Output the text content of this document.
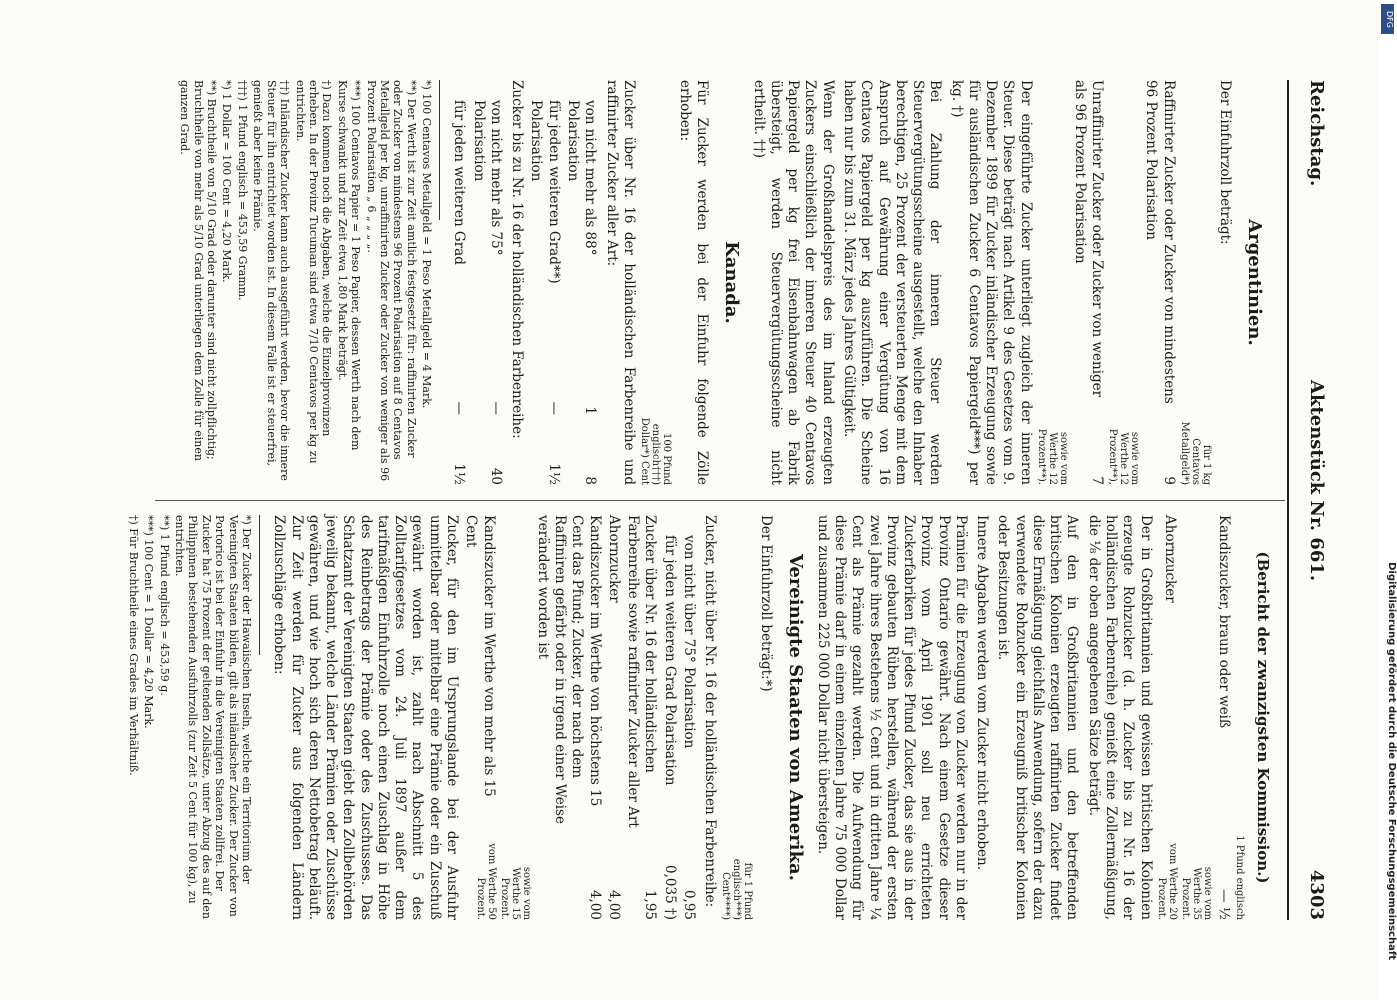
Reichstag.
Aktenstück Nr. 661.
4303
Argentinien.

Der Einfuhrzoll beträgt:

für 1 kg Centavos Metallgeld*)
Raffinirter Zucker oder Zucker von mindestens 96 Prozent Polarisation
9
sowie vom Werthe 12 Prozent**),
Unraffinirter Zucker oder Zucker von weniger als 96 Prozent Polarisation
7
sowie vom Werthe 12 Prozent**).

Der eingeführte Zucker unterliegt zugleich der inneren Steuer. Diese beträgt nach Artikel 9 des Gesetzes vom 9. Dezember 1899 für Zucker inländischer Erzeugung sowie für ausländischen Zucker 6 Centavos Papiergeld***) per kg. †)

Bei Zahlung der inneren Steuer werden Steuervergütungsscheine ausgestellt, welche den Inhaber berechtigen, 25 Prozent der versteuerten Menge mit dem Anspruch auf Gewährung einer Vergütung von 16 Centavos Papiergeld per kg auszuführen. Die Scheine haben nur bis zum 31. März jedes Jahres Gültigkeit.

Wenn der Großhandelspreis des im Inland erzeugten Zuckers einschließlich der inneren Steuer 40 Centavos Papiergeld per kg frei Eisenbahnwagen ab Fabrik übersteigt, werden Steuervergütungsscheine nicht ertheilt. ††)

Kanada.

Für Zucker werden bei der Einfuhr folgende Zölle erhoben:

100 Pfund englisch†††) Dollar*) Cent

Zucker über Nr. 16 der holländischen Farbenreihe und raffinirter Zucker aller Art:

von nicht mehr als 88° Polarisation
1
8
für jeden weiteren Grad**) Polarisation
—
1½

Zucker bis zu Nr. 16 der holländischen Farbenreihe:

von nicht mehr als 75° Polarisation
—
40
für jeden weiteren Grad
—
1½
*) 100 Centavos Metallgeld = 1 Peso Metallgeld = 4 Mark.
**) Der Werth ist zur Zeit amtlich festgesetzt für: raffinirten Zucker oder Zucker von mindestens 96 Prozent Polarisation auf 8 Centavos Metallgeld per kg, unraffinirten Zucker oder Zucker von weniger als 96 Prozent Polarisation „ 6 „ „ „ „.
***) 100 Centavos Papier = 1 Peso Papier, dessen Werth nach dem Kurse schwankt und zur Zeit etwa 1,80 Mark beträgt.
†) Dazu kommen noch die Abgaben, welche die Einzelprovinzen erheben. In der Provinz Tucuman sind etwa 7/10 Centavos per kg zu entrichten.
††) Inländischer Zucker kann auch ausgeführt werden, bevor die innere Steuer für ihn entrichtet worden ist. In diesem Falle ist er steuerfrei, genießt aber keine Prämie.
†††) 1 Pfund englisch = 453,59 Gramm.
*) 1 Dollar = 100 Cent = 4,20 Mark.
**) Bruchtheile von 5/10 Grad oder darunter sind nicht zollpflichtig; Bruchtheile von mehr als 5/10 Grad unterliegen dem Zolle für einen ganzen Grad.
(Bericht der zwanzigsten Kommission.)
1 Pfund englisch
Kandiszucker, braun oder weiß
— ½
sowie vom Werthe 35 Prozent.
Ahornzucker
vom Werthe 20 Prozent.

Der in Großbritannien und gewissen britischen Kolonien erzeugte Rohzucker (d. h. Zucker bis zu Nr. 16 der holländischen Farbenreihe) genießt eine Zollermäßigung, die ⅛ der oben angegebenen Sätze beträgt.

Auf den in Großbritannien und den betreffenden britischen Kolonien erzeugten raffinirten Zucker findet diese Ermäßigung gleichfalls Anwendung, sofern der dazu verwendete Rohzucker ein Erzeugniß britischer Kolonien oder Besitzungen ist.

Innere Abgaben werden vom Zucker nicht erhoben.

Prämien für die Erzeugung von Zucker werden nur in der Provinz Ontario gewährt. Nach einem Gesetze dieser Provinz vom April 1901 soll neu errichteten Zuckerfabriken für jedes Pfund Zucker, das sie aus in der Provinz gebauten Rüben herstellen, während der ersten zwei Jahre ihres Bestehens ½ Cent und in dritten Jahre ¼ Cent als Prämie gezahlt werden. Die Aufwendung für diese Prämie darf in einem einzelnen Jahre 75 000 Dollar und zusammen 225 000 Dollar nicht übersteigen.

Vereinigte Staaten von Amerika.

Der Einfuhrzoll beträgt:*)

für 1 Pfund englisch***) Cent****)

Zucker, nicht über Nr. 16 der holländischen Farbenreihe:

von nicht über 75° Polarisation
0,95
für jeden weiteren Grad Polarisation
0,035 †)
Zucker über Nr. 16 der holländischen Farbenreihe sowie raffinirter Zucker aller Art
1,95
Ahornzucker
4,00
Kandiszucker im Werthe von höchstens 15 Cent das Pfund; Zucker, der nach dem Raffiniren gefärbt oder in irgend einer Weise verändert worden ist
4,00
sowie vom Werthe 15 Prozent.
Kandiszucker im Werthe von mehr als 15 Cent
vom Werthe 50 Prozent.

Zucker, für den im Ursprungslande bei der Ausfuhr unmittelbar oder mittelbar eine Prämie oder ein Zuschuß gewährt worden ist, zahlt nach Abschnitt 5 des Zolltarifgesetzes vom 24. Juli 1897 außer dem tarifmäßigen Einfuhrzolle noch einen Zuschlag in Höhe des Reinbetrags der Prämie oder des Zuschusses. Das Schatzamt der Vereinigten Staaten giebt den Zollbehörden jeweilig bekannt, welche Länder Prämien oder Zuschüsse gewähren, und wie hoch sich deren Nettobetrag beläuft. Zur Zeit werden für Zucker aus folgenden Ländern Zollzuschläge erhoben:

*) Der Zucker der Hawaiischen Inseln, welche ein Territorium der Vereinigten Staaten bilden, gilt als inländischer Zucker. Der Zucker von Portorico ist bei der Einfuhr in die Vereinigten Staaten zollfrei. Der Zucker hat 75 Prozent der geltenden Zollsätze, unter Abzug des auf den Philippinen bestehenden Ausfuhrzolls (zur Zeit 5 Cent für 100 kg), zu entrichten.
**) 1 Pfund englisch = 453,59 g.
***) 100 Cent = 1 Dollar = 4,20 Mark.
†) Für Bruchtheile eines Grades im Verhältniß.	Digitalisierung gefördert durch die Deutsche Forschungsgemeinschaft
DFG
